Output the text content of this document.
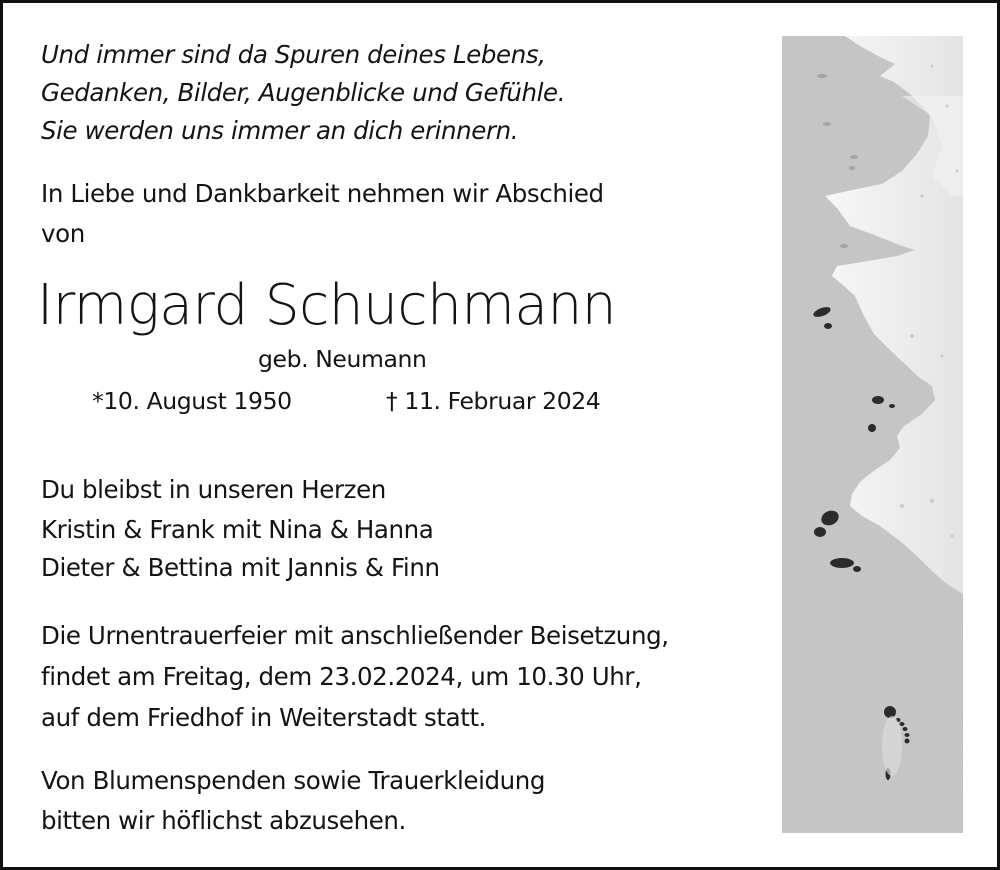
Und immer sind da Spuren deines Lebens,
Gedanken, Bilder, Augenblicke und Gefühle.
Sie werden uns immer an dich erinnern.
In Liebe und Dankbarkeit nehmen wir Abschied
von
Irmgard Schuchmann
geb. Neumann
*10. August 1950	† 11. Februar 2024
Du bleibst in unseren Herzen
Kristin & Frank mit Nina & Hanna
Dieter & Bettina mit Jannis & Finn
Die Urnentrauerfeier mit anschließender Beisetzung,
findet am Freitag, dem 23.02.2024, um 10.30 Uhr,
auf dem Friedhof in Weiterstadt statt.
Von Blumenspenden sowie Trauerkleidung
bitten wir höflichst abzusehen.
